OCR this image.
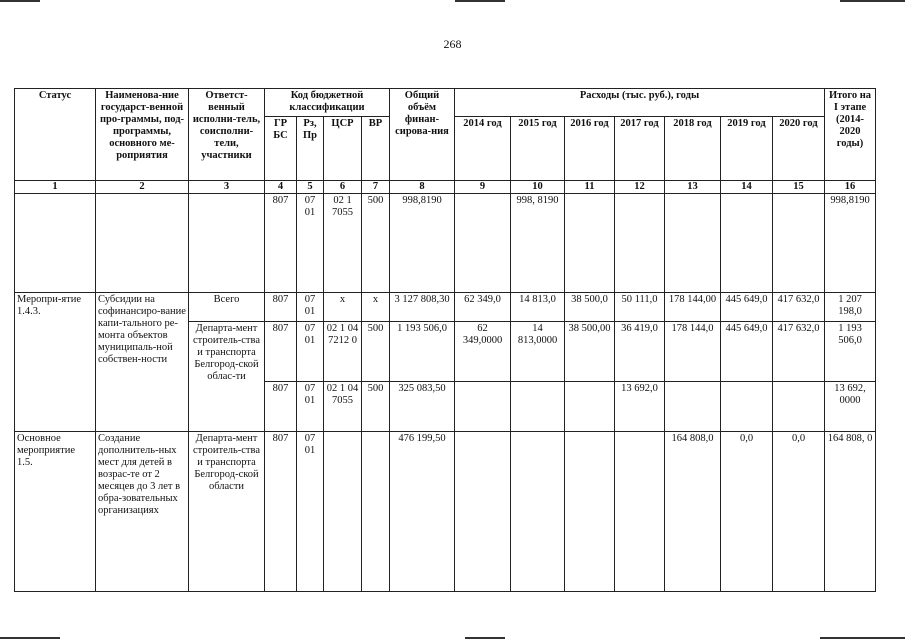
268
Статус	Наименова-ние государст-венной про-граммы, под-программы, основного ме-роприятия	Ответст-венный исполни-тель, соисполни-тели, участники	Код бюджетной классификации				Общий объём финан-сирова-ния	Расходы (тыс. руб.), годы							Итого на I этапе (2014-2020 годы)
			ГР БС	Рз, Пр	ЦСР	ВР		2014 год	2015 год	2016 год	2017 год	2018 год	2019 год	2020 год	
1	2	3	4	5	6	7	8	9	10	11	12	13	14	15	16
			807	07 01	02 1 7055	500	998,8190		998, 8190						998,8190
Меропри-ятие 1.4.3.	Субсидии на софинансиро-вание капи-тального ре-монта объектов муниципаль-ной собствен-ности	Всего	807	07 01	х	х	3 127 808,30	62 349,0	14 813,0	38 500,0	50 111,0	178 144,00	445 649,0	417 632,0	1 207 198,0
		Департа-мент строитель-ства и транспорта Белгород-ской облас-ти	807	07 01	02 1 04 7212 0	500	1 193 506,0	62 349,0000	14 813,0000	38 500,00	36 419,0	178 144,0	445 649,0	417 632,0	1 193 506,0
			807	07 01	02 1 04 7055	500	325 083,50				13 692,0				13 692, 0000
Основное мероприятие 1.5.	Создание дополнитель-ных мест для детей в возрас-те от 2 месяцев до 3 лет в обра-зовательных организациях	Департа-мент строитель-ства и транспорта Белгород-ской области	807	07 01			476 199,50					164 808,0	0,0	0,0	164 808, 0
